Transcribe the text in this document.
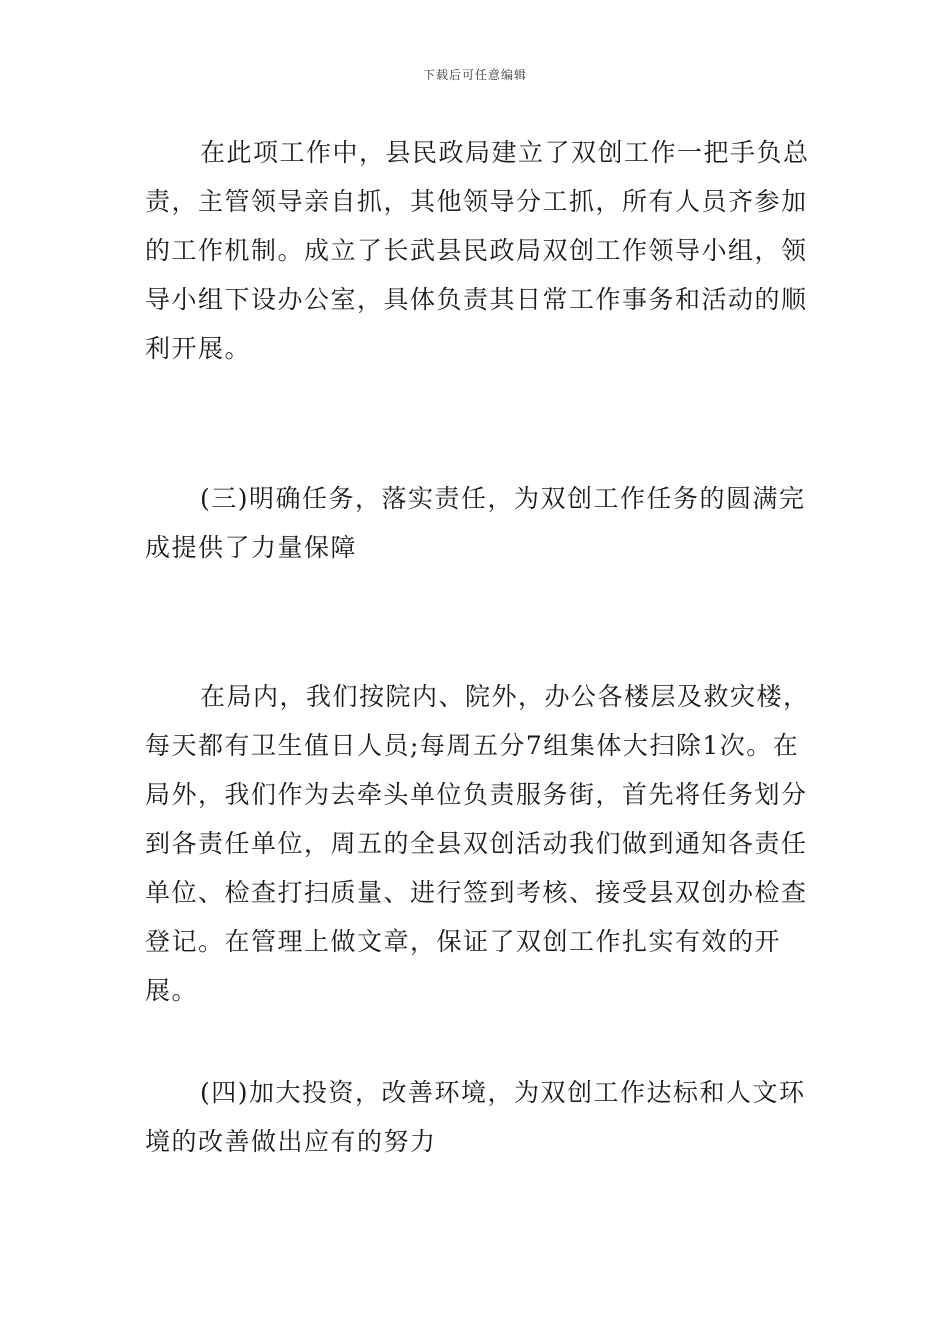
下载后可任意编辑

在此项工作中，县民政局建立了双创工作一把手负总责，主管领导亲自抓，其他领导分工抓，所有人员齐参加的工作机制。成立了长武县民政局双创工作领导小组，领导小组下设办公室，具体负责其日常工作事务和活动的顺利开展。

(三)明确任务，落实责任，为双创工作任务的圆满完成提供了力量保障

在局内，我们按院内、院外，办公各楼层及救灾楼，每天都有卫生值日人员;每周五分7组集体大扫除1次。在局外，我们作为去牵头单位负责服务街，首先将任务划分到各责任单位，周五的全县双创活动我们做到通知各责任单位、检查打扫质量、进行签到考核、接受县双创办检查登记。在管理上做文章，保证了双创工作扎实有效的开展。

(四)加大投资，改善环境，为双创工作达标和人文环境的改善做出应有的努力
